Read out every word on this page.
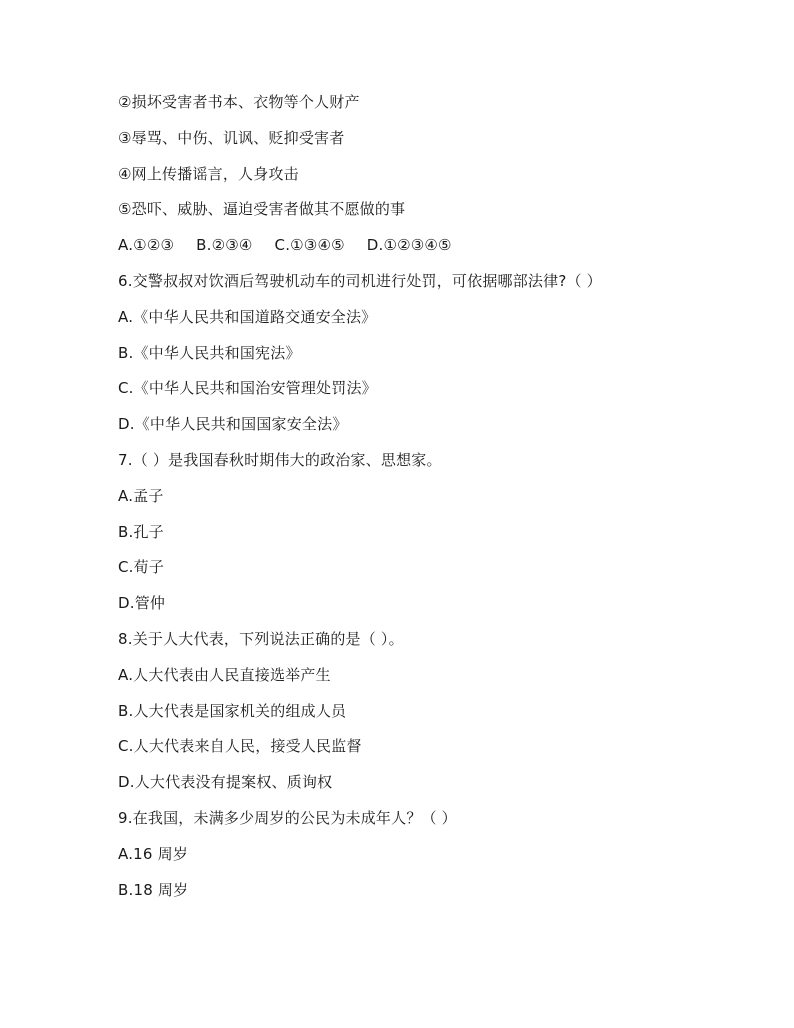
②损坏受害者书本、衣物等个人财产
③辱骂、中伤、讥讽、贬抑受害者
④网上传播谣言，人身攻击
⑤恐吓、威胁、逼迫受害者做其不愿做的事
A.①②③ B.②③④ C.①③④⑤ D.①②③④⑤
6.交警叔叔对饮酒后驾驶机动车的司机进行处罚，可依据哪部法律?（ ）
A.《中华人民共和国道路交通安全法》
B.《中华人民共和国宪法》
C.《中华人民共和国治安管理处罚法》
D.《中华人民共和国国家安全法》
7.（ ）是我国春秋时期伟大的政治家、思想家。
A.孟子
B.孔子
C.荀子
D.管仲
8.关于人大代表，下列说法正确的是（ ）。
A.人大代表由人民直接选举产生
B.人大代表是国家机关的组成人员
C.人大代表来自人民，接受人民监督
D.人大代表没有提案权、质询权
9.在我国，未满多少周岁的公民为未成年人？（ ）
A.16 周岁
B.18 周岁
